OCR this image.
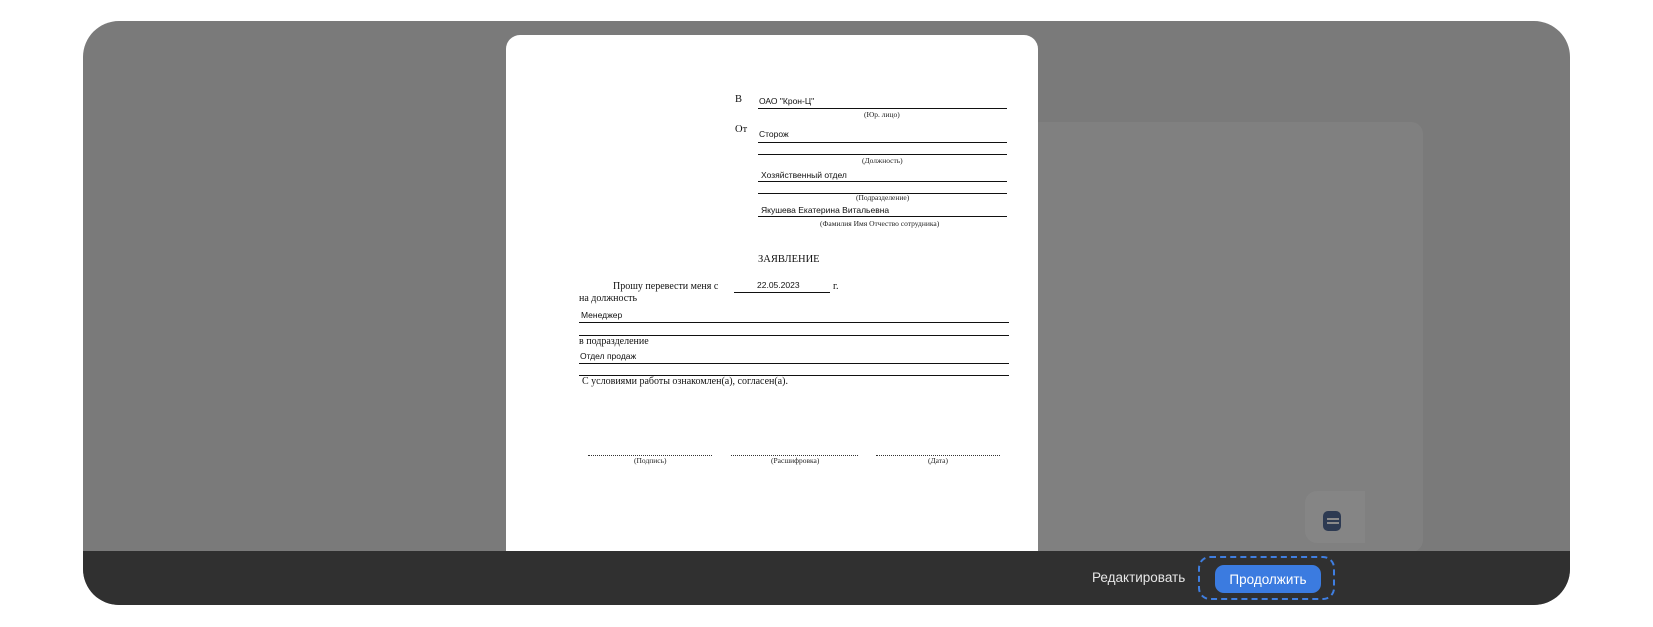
В ОАО "Крон-Ц"
(Юр. лицо)
От Сторож
(Должность)
Хозяйственный отдел
(Подразделение)
Якушева Екатерина Витальевна
(Фамилия Имя Отчество сотрудника)
ЗАЯВЛЕНИЕ
Прошу перевести меня с	22.05.2023	г.
на должность
Менеджер
в подразделение
Отдел продаж
С условиями работы ознакомлен(а), согласен(а).
(Подпись)	(Расшифровка)	(Дата)
Редактировать	Продолжить
